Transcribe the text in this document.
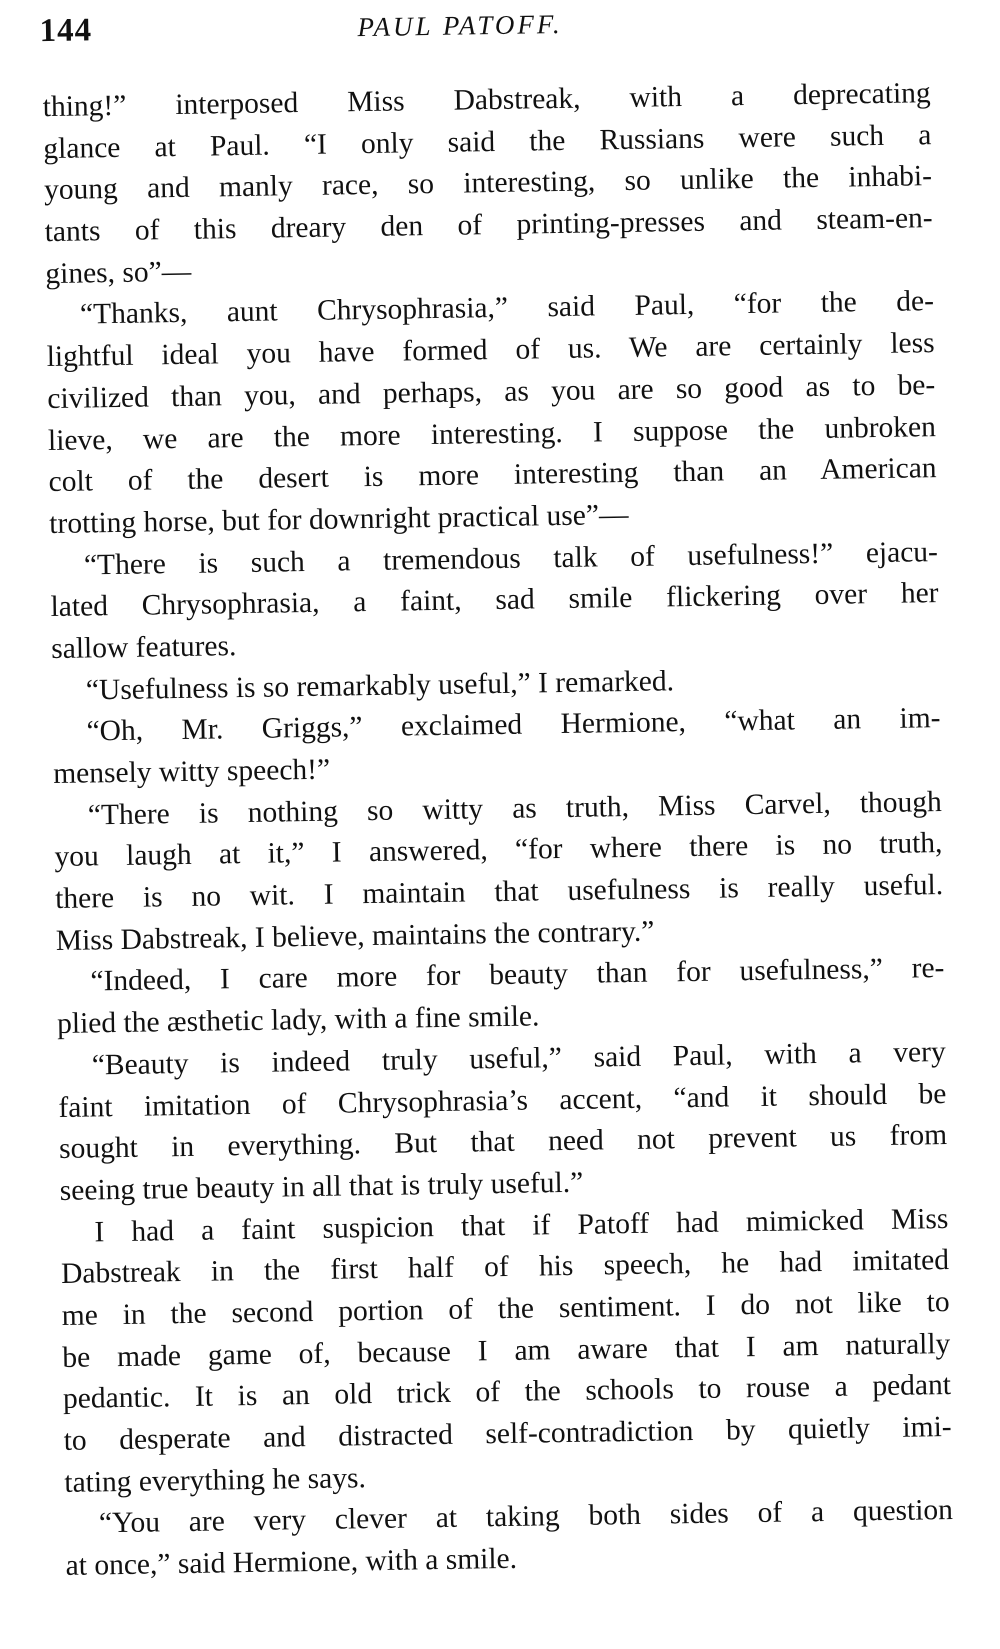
144	PAUL PATOFF.
thing!” interposed Miss Dabstreak, with a deprecating
glance at Paul. “I only said the Russians were such a
young and manly race, so interesting, so unlike the inhabi-
tants of this dreary den of printing-presses and steam-en-
gines, so”—
“Thanks, aunt Chrysophrasia,” said Paul, “for the de-
lightful ideal you have formed of us. We are certainly less
civilized than you, and perhaps, as you are so good as to be-
lieve, we are the more interesting. I suppose the unbroken
colt of the desert is more interesting than an American
trotting horse, but for downright practical use”—
“There is such a tremendous talk of usefulness!” ejacu-
lated Chrysophrasia, a faint, sad smile flickering over her
sallow features.
“Usefulness is so remarkably useful,” I remarked.
“Oh, Mr. Griggs,” exclaimed Hermione, “what an im-
mensely witty speech!”
“There is nothing so witty as truth, Miss Carvel, though
you laugh at it,” I answered, “for where there is no truth,
there is no wit. I maintain that usefulness is really useful.
Miss Dabstreak, I believe, maintains the contrary.”
“Indeed, I care more for beauty than for usefulness,” re-
plied the æsthetic lady, with a fine smile.
“Beauty is indeed truly useful,” said Paul, with a very
faint imitation of Chrysophrasia’s accent, “and it should be
sought in everything. But that need not prevent us from
seeing true beauty in all that is truly useful.”
I had a faint suspicion that if Patoff had mimicked Miss
Dabstreak in the first half of his speech, he had imitated
me in the second portion of the sentiment. I do not like to
be made game of, because I am aware that I am naturally
pedantic. It is an old trick of the schools to rouse a pedant
to desperate and distracted self-contradiction by quietly imi-
tating everything he says.
“You are very clever at taking both sides of a question
at once,” said Hermione, with a smile.
